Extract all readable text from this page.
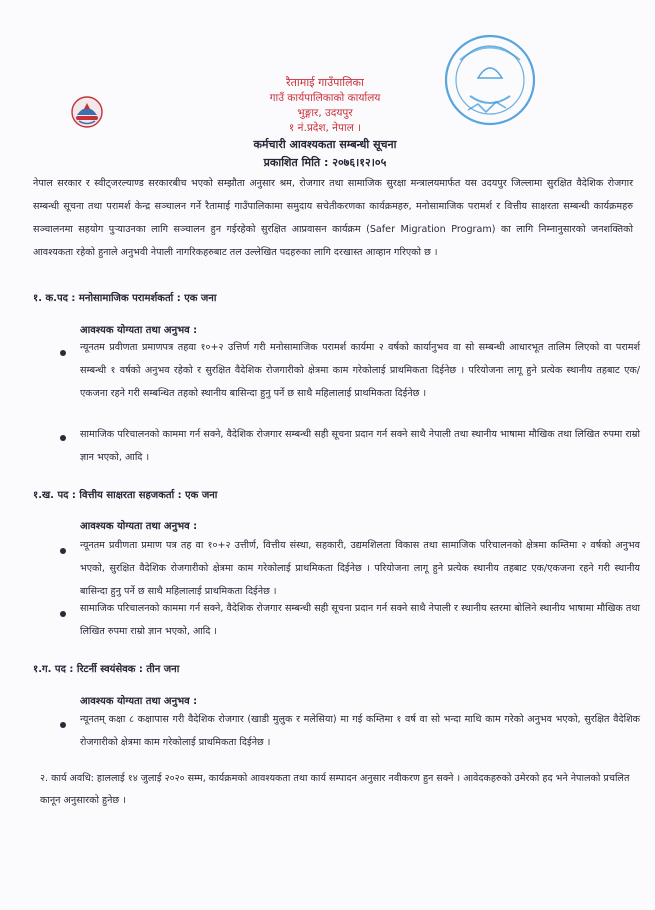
रैतामाई गाउँपालिका
गाउँ कार्यपालिकाको कार्यालय
भुङ्गार, उदयपुर
१ नं.प्रदेश, नेपाल ।
कर्मचारी आवश्यकता सम्बन्धी सूचना
प्रकाशित मिति : २०७६।१२।०५
नेपाल सरकार र स्वीट्जरल्याण्ड सरकारबीच भएको सम्झौता अनुसार श्रम, रोजगार तथा सामाजिक सुरक्षा मन्त्रालयमार्फत यस उदयपुर जिल्लामा सुरक्षित वैदेशिक रोजगार सम्बन्धी सूचना तथा परामर्श केन्द्र सञ्चालन गर्ने रैतामाई गाउँपालिकामा समुदाय सचेतीकरणका कार्यक्रमहरु, मनोसामाजिक परामर्श र वित्तीय साक्षरता सम्बन्धी कार्यक्रमहरु सञ्चालनमा सहयोग पुऱ्याउनका लागि सञ्चालन हुन गईरहेको सुरक्षित आप्रवासन कार्यक्रम (Safer Migration Program) का लागि निम्नानुसारको जनशक्तिको आवश्यकता रहेको हुनाले अनुभवी नेपाली नागरिकहरुबाट तल उल्लेखित पदहरुका लागि दरखास्त आव्हान गरिएको छ ।
१. क.पद : मनोसामाजिक परामर्शकर्ता : एक जना
आवश्यक योग्यता तथा अनुभव :
न्यूनतम प्रवीणता प्रमाणपत्र तहवा १०+२ उत्तिर्ण गरी मनोसामाजिक परामर्श कार्यमा २ वर्षको कार्यानुभव वा सो सम्बन्धी आधारभूत तालिम लिएको वा परामर्श सम्बन्धी १ वर्षको अनुभव रहेको र सुरक्षित वैदेशिक रोजगारीको क्षेत्रमा काम गरेकोलाई प्राथमिकता दिईनेछ । परियोजना लागू हुने प्रत्येक स्थानीय तहबाट एक/एकजना रहने गरी सम्बन्धित तहको स्थानीय बासिन्दा हुनु पर्ने छ साथै महिलालाई प्राथमिकता दिईनेछ ।
सामाजिक परिचालनको काममा गर्न सक्ने, वैदेशिक रोजगार सम्बन्धी सही सूचना प्रदान गर्न सक्ने साथै नेपाली तथा स्थानीय भाषामा मौखिक तथा लिखित रुपमा राम्रो ज्ञान भएको, आदि ।
१.ख. पद : वित्तीय साक्षरता सहजकर्ता : एक जना
आवश्यक योग्यता तथा अनुभव :
न्यूनतम प्रवीणता प्रमाण पत्र तह वा १०+२ उत्तीर्ण, वित्तीय संस्था, सहकारी, उद्यमशिलता विकास तथा सामाजिक परिचालनको क्षेत्रमा कम्तिमा २ वर्षको अनुभव भएको, सुरक्षित वैदेशिक रोजगारीको क्षेत्रमा काम गरेकोलाई प्राथमिकता दिईनेछ । परियोजना लागू हुने प्रत्येक स्थानीय तहबाट एक/एकजना रहने गरी स्थानीय बासिन्दा हुनु पर्ने छ साथै महिलालाई प्राथमिकता दिईनेछ ।
सामाजिक परिचालनको काममा गर्न सक्ने, वैदेशिक रोजगार सम्बन्धी सही सूचना प्रदान गर्न सक्ने साथै नेपाली र स्थानीय स्तरमा बोलिने स्थानीय भाषामा मौखिक तथा लिखित रुपमा राम्रो ज्ञान भएको, आदि ।
१.ग. पद : रिटर्नी स्वयंसेवक : तीन जना
आवश्यक योग्यता तथा अनुभव :
न्यूनतम् कक्षा ८ कक्षापास गरी वैदेशिक रोजगार (खाडी मुलुक र मलेसिया) मा गई कम्तिमा १ वर्ष वा सो भन्दा माथि काम गरेको अनुभव भएको, सुरक्षित वैदेशिक रोजगारीको क्षेत्रमा काम गरेकोलाई प्राथमिकता दिईनेछ ।
२. कार्य अवधि: हाललाई १४ जुलाई २०२० सम्म, कार्यक्रमको आवश्यकता तथा कार्य सम्पादन अनुसार नवीकरण हुन सक्ने । आवेदकहरुको उमेरको हद भने नेपालको प्रचलित कानून अनुसारको हुनेछ ।
